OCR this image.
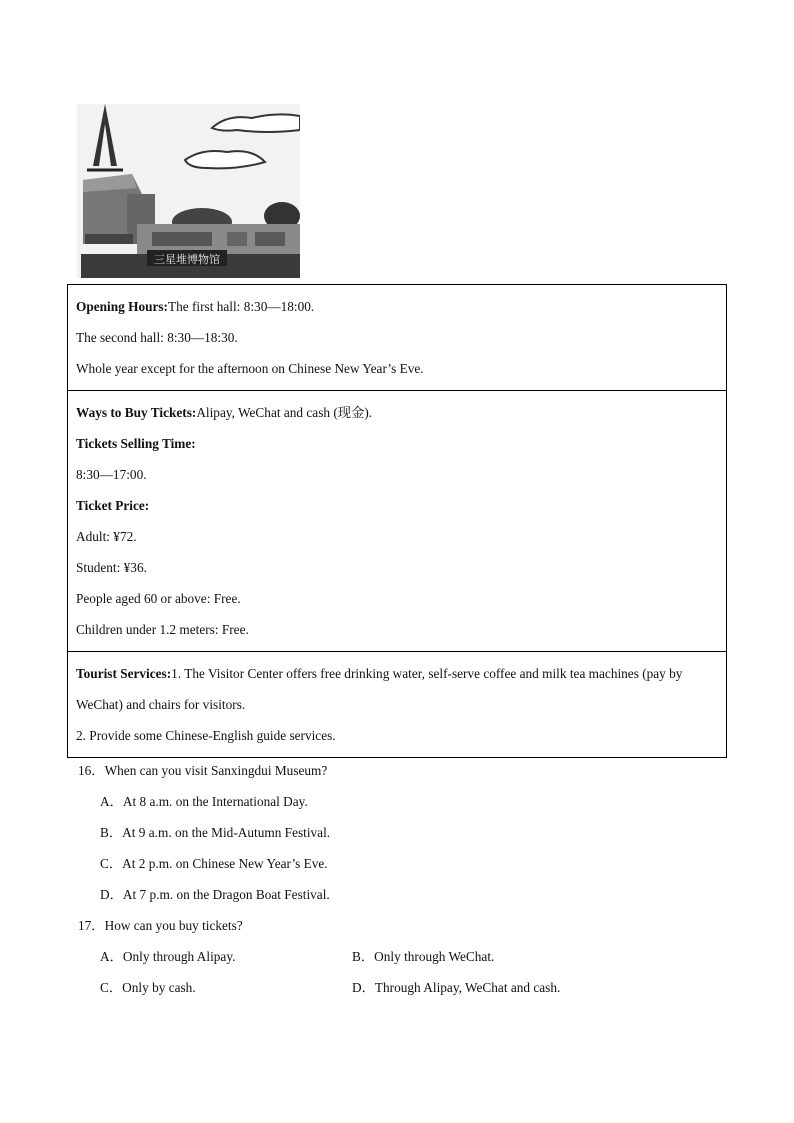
三星堆博物馆
Opening Hours:The first hall: 8:30—18:00.
The second hall: 8:30—18:30.
Whole year except for the afternoon on Chinese New Year’s Eve.
Ways to Buy Tickets:Alipay, WeChat and cash (现金).
Tickets Selling Time:
8:30—17:00.
Ticket Price:
Adult: ¥72.
Student: ¥36.
People aged 60 or above: Free.
Children under 1.2 meters: Free.
Tourist Services:1. The Visitor Center offers free drinking water, self-serve coffee and milk tea machines (pay by WeChat) and chairs for visitors.
2. Provide some Chinese-English guide services.
16．When can you visit Sanxingdui Museum?
A．At 8 a.m. on the International Day.
B．At 9 a.m. on the Mid-Autumn Festival.
C．At 2 p.m. on Chinese New Year’s Eve.
D．At 7 p.m. on the Dragon Boat Festival.
17．How can you buy tickets?
A．Only through Alipay.	B．Only through WeChat.
C．Only by cash.	D．Through Alipay, WeChat and cash.
